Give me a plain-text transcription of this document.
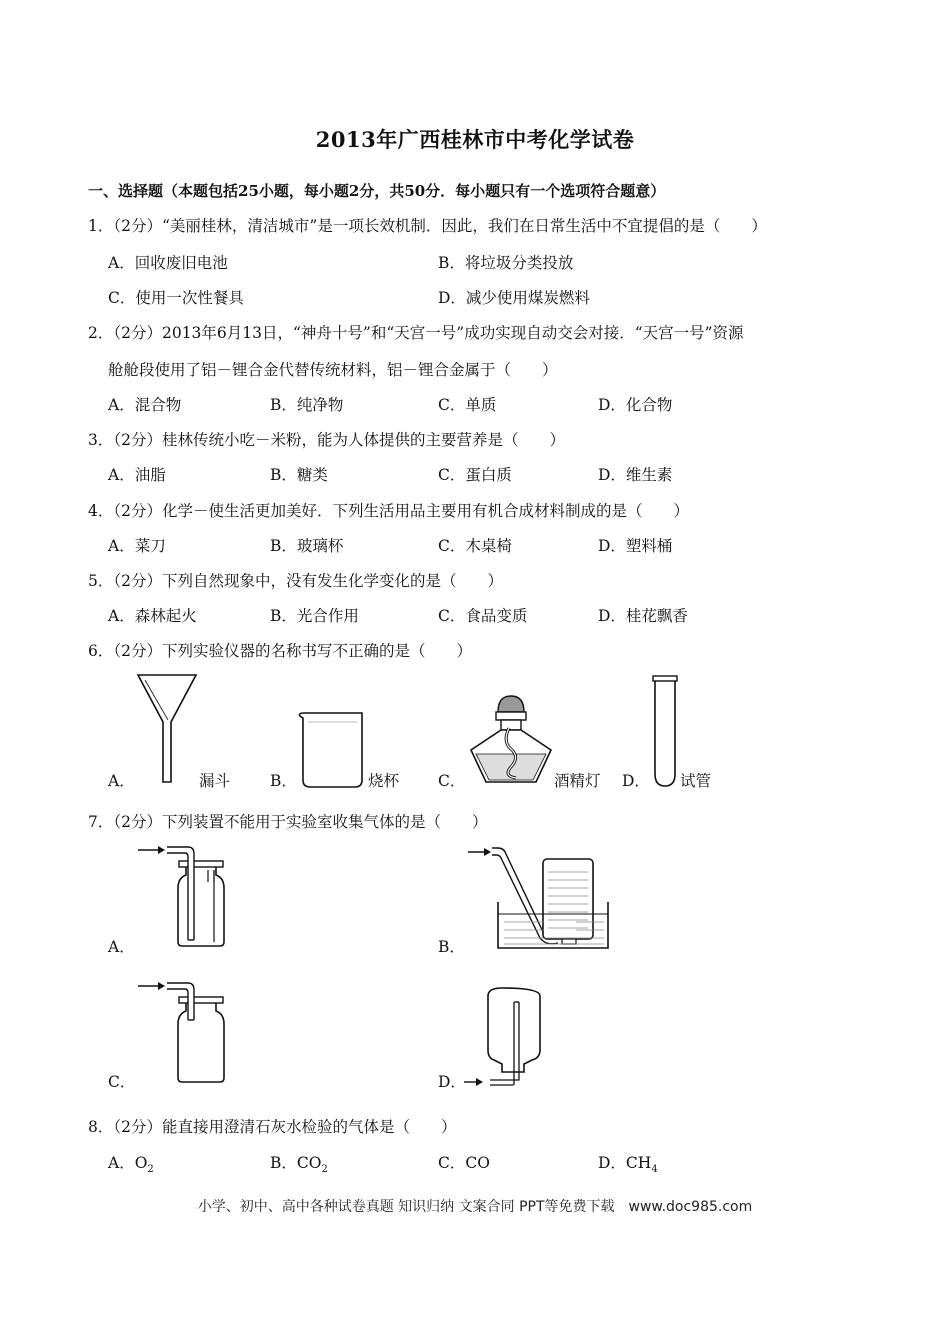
2013年广西桂林市中考化学试卷
一、选择题（本题包括25小题，每小题2分，共50分．每小题只有一个选项符合题意）
1．（2分）“美丽桂林，清洁城市”是一项长效机制．因此，我们在日常生活中不宜提倡的是（　　）
A．回收废旧电池	B．将垃圾分类投放
C．使用一次性餐具	D．减少使用煤炭燃料
2．（2分）2013年6月13日，“神舟十号”和“天宫一号”成功实现自动交会对接．“天宫一号”资源
舱舱段使用了铝－锂合金代替传统材料，铝－锂合金属于（　　）
A．混合物	B．纯净物	C．单质	D．化合物
3．（2分）桂林传统小吃－米粉，能为人体提供的主要营养是（　　）
A．油脂	B．糖类	C．蛋白质	D．维生素
4．（2分）化学－使生活更加美好．下列生活用品主要用有机合成材料制成的是（　　）
A．菜刀	B．玻璃杯	C．木桌椅	D．塑料桶
5．（2分）下列自然现象中，没有发生化学变化的是（　　）
A．森林起火	B．光合作用	C．食品变质	D．桂花飘香
6．（2分）下列实验仪器的名称书写不正确的是（　　）
A．	漏斗	B．	烧杯	C．	酒精灯 D． 试管
7．（2分）下列装置不能用于实验室收集气体的是（　　）
A．	B．
C．	D．
8．（2分）能直接用澄清石灰水检验的气体是（　　）
A．$O_2$	B．$CO_2$	C．CO	D．$CH_4$
小学、初中、高中各种试卷真题 知识归纳 文案合同 PPT等免费下载　www.doc985.com
